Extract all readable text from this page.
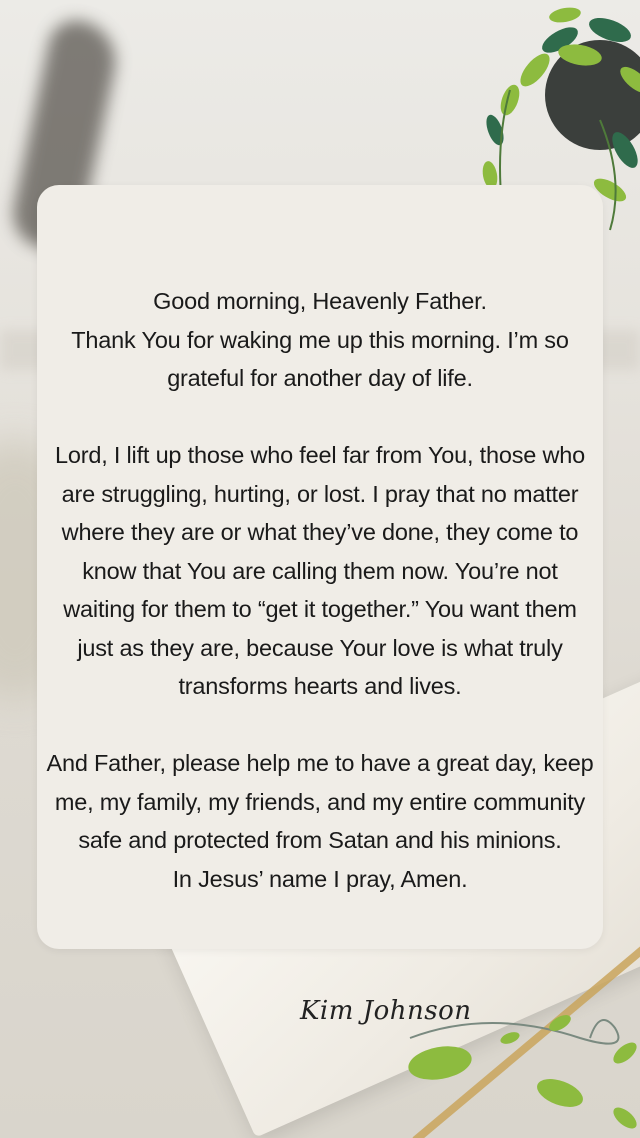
Good morning, Heavenly Father.

Thank You for waking me up this morning. I’m so

grateful for another day of life.

Lord, I lift up those who feel far from You, those who

are struggling, hurting, or lost. I pray that no matter

where they are or what they’ve done, they come to

know that You are calling them now. You’re not

waiting for them to “get it together.” You want them

just as they are, because Your love is what truly

transforms hearts and lives.

And Father, please help me to have a great day, keep

me, my family, my friends, and my entire community

safe and protected from Satan and his minions.

In Jesus’ name I pray, Amen.

Kim Johnson
